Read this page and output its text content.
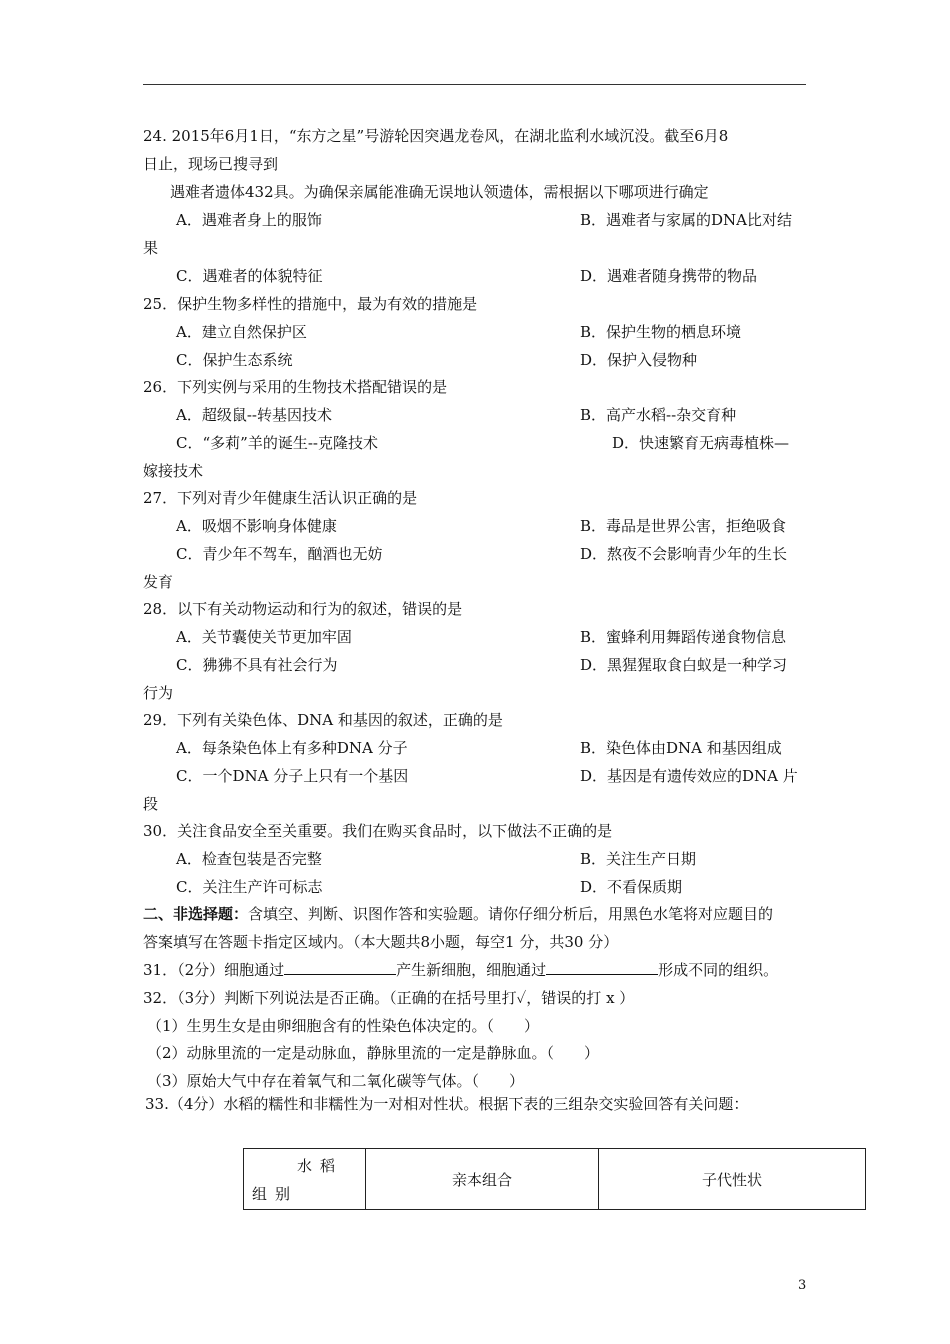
24. 2015年6月1日，“东方之星”号游轮因突遇龙卷风，在湖北监利水域沉没。截至6月8
日止，现场已搜寻到
遇难者遗体432具。为确保亲属能准确无误地认领遗体，需根据以下哪项进行确定
A．遇难者身上的服饰	B．遇难者与家属的DNA比对结
果
C．遇难者的体貌特征	D．遇难者随身携带的物品
25．保护生物多样性的措施中，最为有效的措施是
A．建立自然保护区	B．保护生物的栖息环境
C．保护生态系统	D．保护入侵物种
26．下列实例与采用的生物技术搭配错误的是
A．超级鼠--转基因技术	B．高产水稻--杂交育种
C．“多莉”羊的诞生--克隆技术	D．快速繁育无病毒植株—
嫁接技术
27．下列对青少年健康生活认识正确的是
A．吸烟不影响身体健康	B．毒品是世界公害，拒绝吸食
C．青少年不驾车，酗酒也无妨	D．熬夜不会影响青少年的生长
发育
28．以下有关动物运动和行为的叙述，错误的是
A．关节囊使关节更加牢固	B．蜜蜂利用舞蹈传递食物信息
C．狒狒不具有社会行为	D．黑猩猩取食白蚁是一种学习
行为
29．下列有关染色体、DNA 和基因的叙述，正确的是
A．每条染色体上有多种DNA 分子	B．染色体由DNA 和基因组成
C．一个DNA 分子上只有一个基因	D．基因是有遗传效应的DNA 片
段
30．关注食品安全至关重要。我们在购买食品时，以下做法不正确的是
A．检查包装是否完整	B．关注生产日期
C．关注生产许可标志	D．不看保质期
二、非选择题：含填空、判断、识图作答和实验题。请你仔细分析后，用黑色水笔将对应题目的
答案填写在答题卡指定区域内。（本大题共8小题，每空1 分，共30 分）
31．（2分）细胞通过	产生新细胞，细胞通过	形成不同的组织。
32．（3分）判断下列说法是否正确。（正确的在括号里打✓，错误的打 x ）
（1）生男生女是由卵细胞含有的性染色体决定的。（　　）
（2）动脉里流的一定是动脉血，静脉里流的一定是静脉血。（　　）
（3）原始大气中存在着氧气和二氧化碳等气体。（　　）
33.（4分）水稻的糯性和非糯性为一对相对性状。根据下表的三组杂交实验回答有关问题：
水稻
组别
	亲本组合	子代性状
3
